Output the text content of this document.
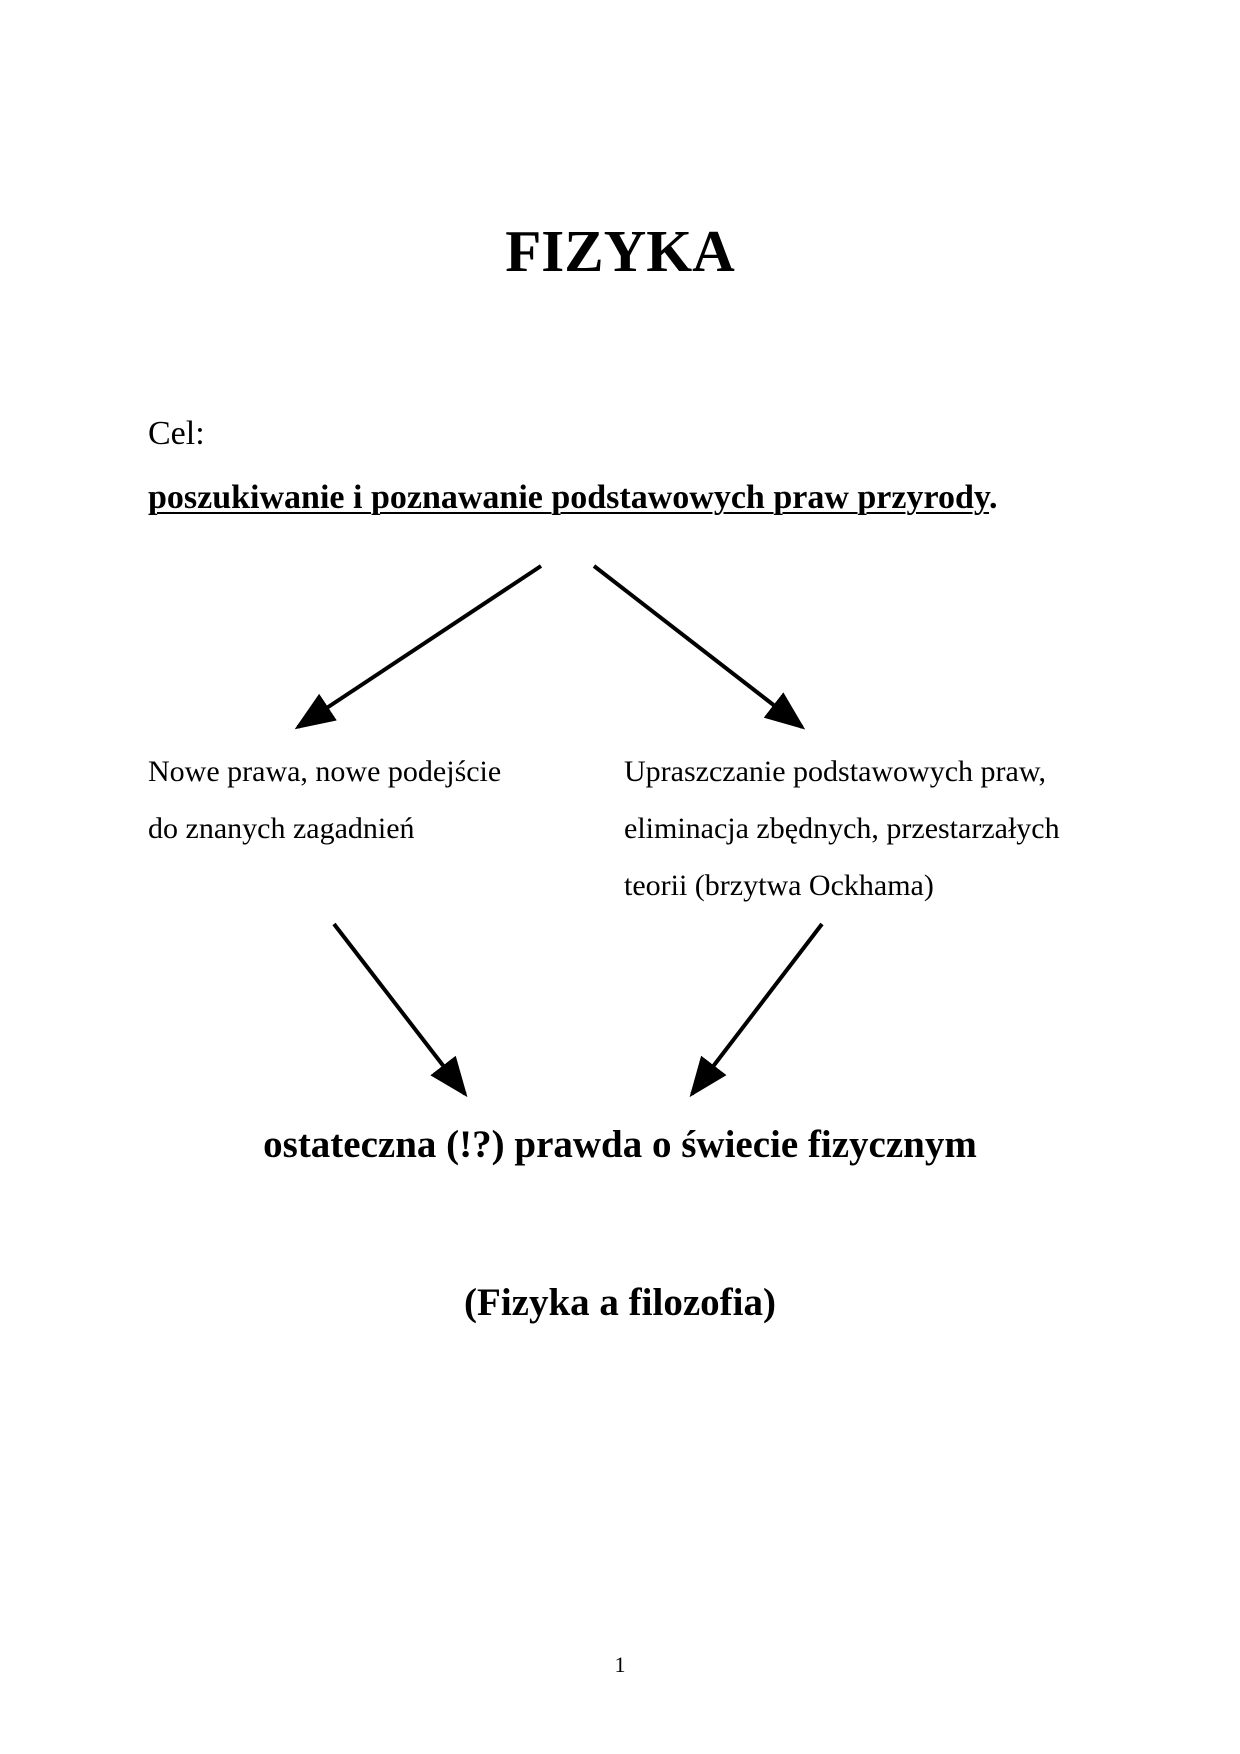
FIZYKA
Cel:
poszukiwanie i poznawanie podstawowych praw przyrody.
Nowe prawa, nowe podejście
do znanych zagadnień
Upraszczanie podstawowych praw,
eliminacja zbędnych, przestarzałych
teorii (brzytwa Ockhama)
ostateczna (!?) prawda o świecie fizycznym
(Fizyka a filozofia)
1
